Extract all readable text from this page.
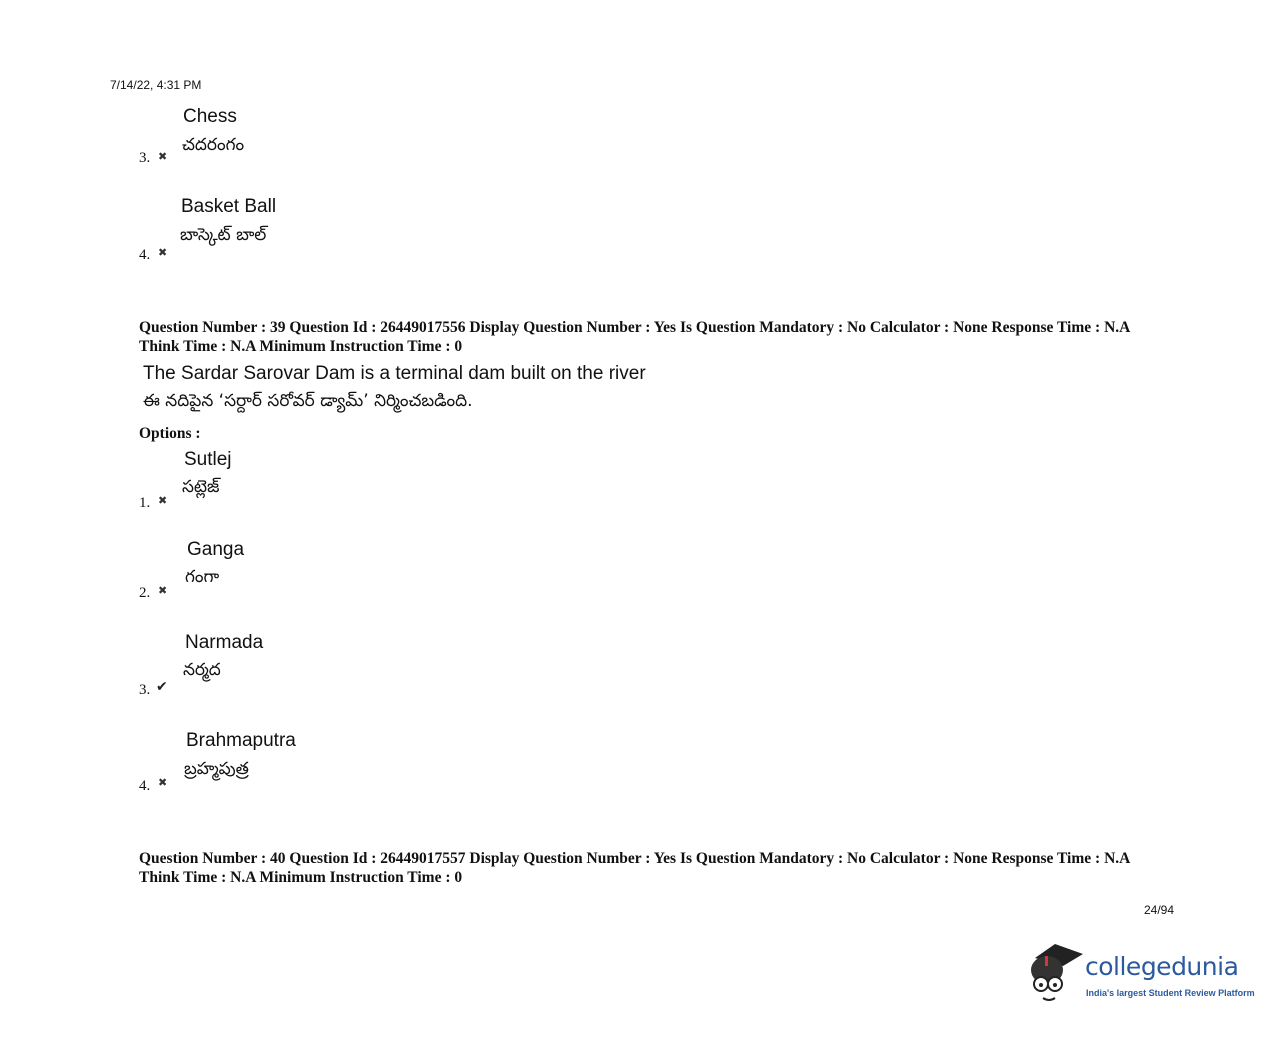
7/14/22, 4:31 PM
Chess
చదరంగం
3. ✖
Basket Ball
బాస్కెట్ బాల్
4. ✖
Question Number : 39 Question Id : 26449017556 Display Question Number : Yes Is Question Mandatory : No Calculator : None Response Time : N.A Think Time : N.A Minimum Instruction Time : 0
The Sardar Sarovar Dam is a terminal dam built on the river
ఈ నదిపైన ‘సర్దార్ సరోవర్ డ్యామ్’ నిర్మించబడింది.
Options :
Sutlej
సట్లెజ్
1. ✖
Ganga
గంగా
2. ✖
Narmada
నర్మద
3. ✔
Brahmaputra
బ్రహ్మపుత్ర
4. ✖
Question Number : 40 Question Id : 26449017557 Display Question Number : Yes Is Question Mandatory : No Calculator : None Response Time : N.A Think Time : N.A Minimum Instruction Time : 0
24/94
collegedunia
India's largest Student Review Platform
